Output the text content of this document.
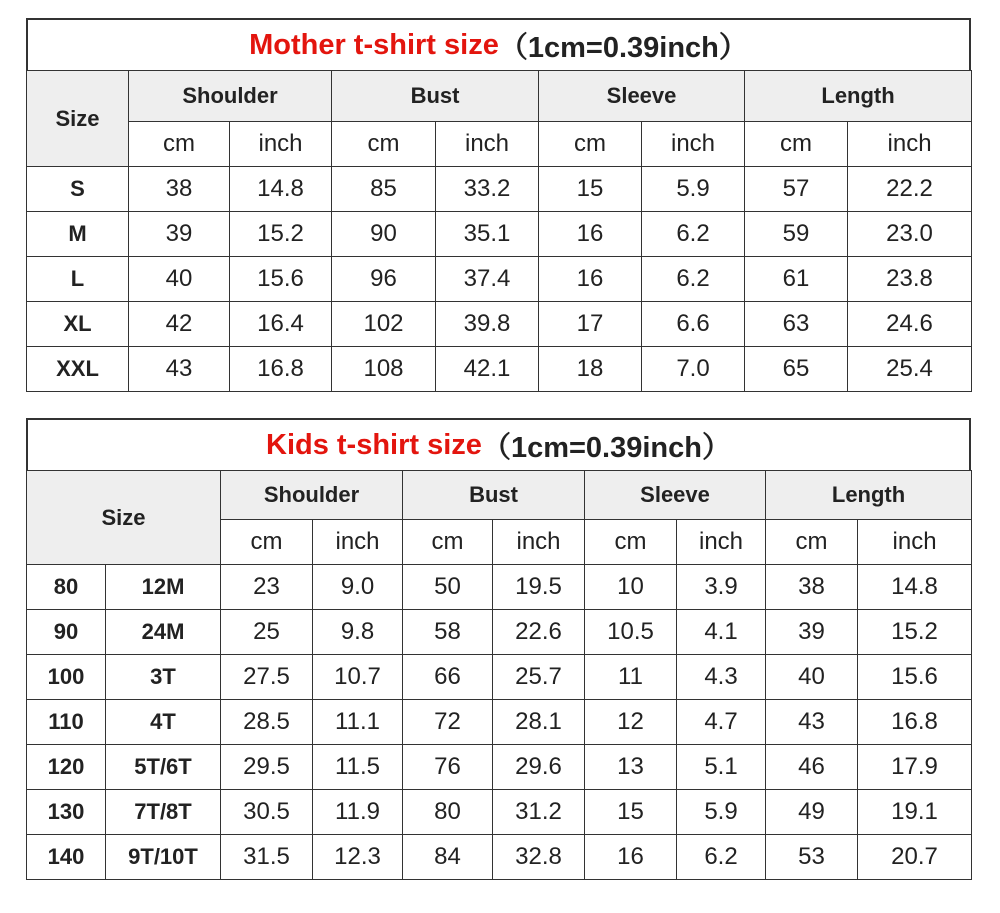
Mother t-shirt size （1cm=0.39inch）
Size	Shoulder		Bust		Sleeve		Length	
	cm	inch	cm	inch	cm	inch	cm	inch
S	38	14.8	85	33.2	15	5.9	57	22.2
M	39	15.2	90	35.1	16	6.2	59	23.0
L	40	15.6	96	37.4	16	6.2	61	23.8
XL	42	16.4	102	39.8	17	6.6	63	24.6
XXL	43	16.8	108	42.1	18	7.0	65	25.4
Kids t-shirt size （1cm=0.39inch）
Size		Shoulder		Bust		Sleeve		Length	
		cm	inch	cm	inch	cm	inch	cm	inch
80	12M	23	9.0	50	19.5	10	3.9	38	14.8
90	24M	25	9.8	58	22.6	10.5	4.1	39	15.2
100	3T	27.5	10.7	66	25.7	11	4.3	40	15.6
110	4T	28.5	11.1	72	28.1	12	4.7	43	16.8
120	5T/6T	29.5	11.5	76	29.6	13	5.1	46	17.9
130	7T/8T	30.5	11.9	80	31.2	15	5.9	49	19.1
140	9T/10T	31.5	12.3	84	32.8	16	6.2	53	20.7
